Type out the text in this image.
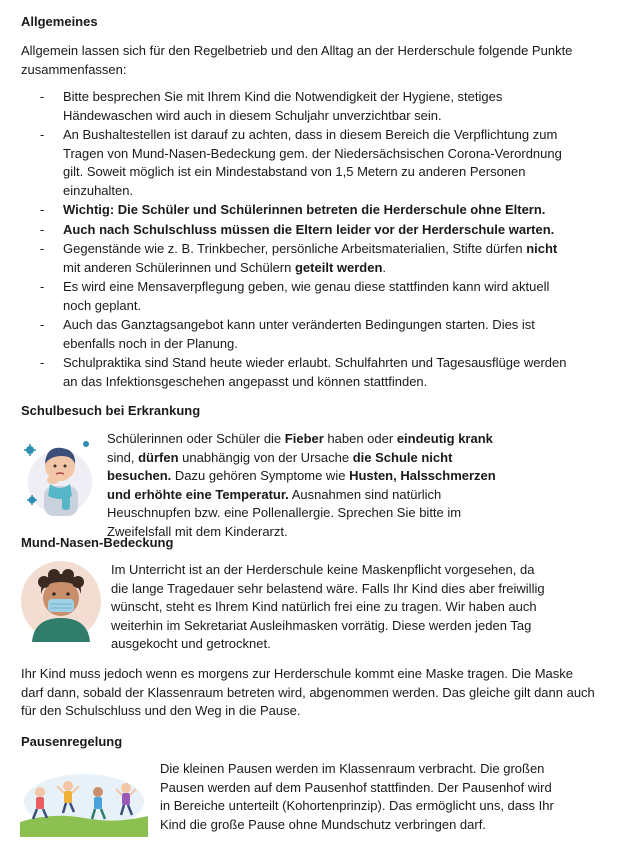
Allgemeines

Allgemein lassen sich für den Regelbetrieb und den Alltag an der Herderschule folgende Punkte zusammenfassen:

- Bitte besprechen Sie mit Ihrem Kind die Notwendigkeit der Hygiene, stetiges Händewaschen wird auch in diesem Schuljahr unverzichtbar sein.
- An Bushaltestellen ist darauf zu achten, dass in diesem Bereich die Verpflichtung zum Tragen von Mund-Nasen-Bedeckung gem. der Niedersächsischen Corona-Verordnung gilt. Soweit möglich ist ein Mindestabstand von 1,5 Metern zu anderen Personen einzuhalten.
- Wichtig: Die Schüler und Schülerinnen betreten die Herderschule ohne Eltern.
- Auch nach Schulschluss müssen die Eltern leider vor der Herderschule warten.
- Gegenstände wie z. B. Trinkbecher, persönliche Arbeitsmaterialien, Stifte dürfen nicht mit anderen Schülerinnen und Schülern geteilt werden.
- Es wird eine Mensaverpflegung geben, wie genau diese stattfinden kann wird aktuell noch geplant.
- Auch das Ganztagsangebot kann unter veränderten Bedingungen starten. Dies ist ebenfalls noch in der Planung.
- Schulpraktika sind Stand heute wieder erlaubt. Schulfahrten und Tagesausflüge werden an das Infektionsgeschehen angepasst und können stattfinden.
Schulbesuch bei Erkrankung

Schülerinnen oder Schüler die Fieber haben oder eindeutig krank sind, dürfen unabhängig von der Ursache die Schule nicht besuchen. Dazu gehören Symptome wie Husten, Halsschmerzen und erhöhte eine Temperatur. Ausnahmen sind natürlich Heuschnupfen bzw. eine Pollenallergie. Sprechen Sie bitte im Zweifelsfall mit dem Kinderarzt.

Mund-Nasen-Bedeckung

Im Unterricht ist an der Herderschule keine Maskenpflicht vorgesehen, da die lange Tragedauer sehr belastend wäre. Falls Ihr Kind dies aber freiwillig wünscht, steht es Ihrem Kind natürlich frei eine zu tragen. Wir haben auch weiterhin im Sekretariat Ausleihmasken vorrätig. Diese werden jeden Tag ausgekocht und getrocknet.

Ihr Kind muss jedoch wenn es morgens zur Herderschule kommt eine Maske tragen. Die Maske darf dann, sobald der Klassenraum betreten wird, abgenommen werden. Das gleiche gilt dann auch für den Schulschluss und den Weg in die Pause.

Pausenregelung

Die kleinen Pausen werden im Klassenraum verbracht. Die großen Pausen werden auf dem Pausenhof stattfinden. Der Pausenhof wird in Bereiche unterteilt (Kohortenprinzip). Das ermöglicht uns, dass Ihr Kind die große Pause ohne Mundschutz verbringen darf.
